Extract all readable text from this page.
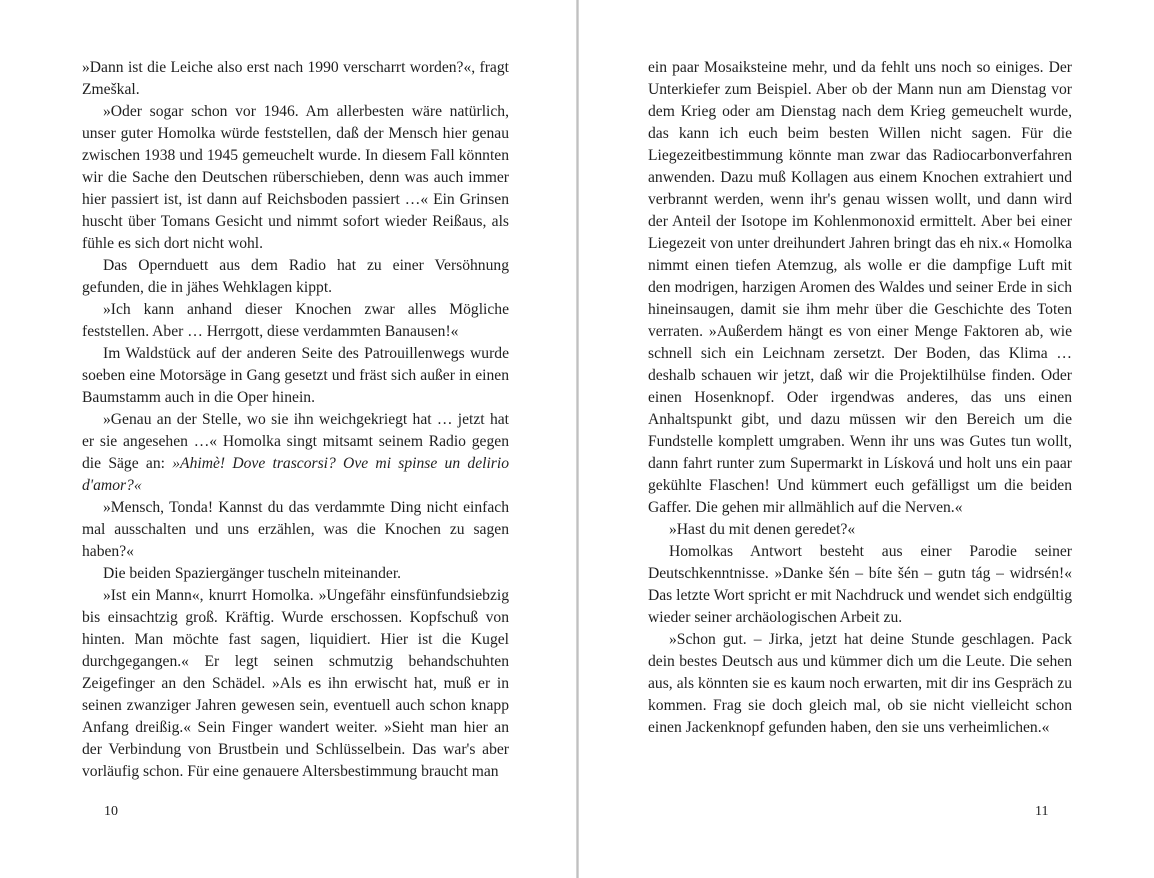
»Dann ist die Leiche also erst nach 1990 verscharrt worden?«, fragt Zmeškal.

»Oder sogar schon vor 1946. Am allerbesten wäre natürlich, unser guter Homolka würde feststellen, daß der Mensch hier genau zwischen 1938 und 1945 gemeuchelt wurde. In diesem Fall könnten wir die Sache den Deutschen rüberschieben, denn was auch immer hier passiert ist, ist dann auf Reichsboden passiert …« Ein Grinsen huscht über Tomans Gesicht und nimmt sofort wieder Reißaus, als fühle es sich dort nicht wohl.

Das Opernduett aus dem Radio hat zu einer Versöhnung gefunden, die in jähes Wehklagen kippt.

»Ich kann anhand dieser Knochen zwar alles Mögliche feststellen. Aber … Herrgott, diese verdammten Banausen!«

Im Waldstück auf der anderen Seite des Patrouillenwegs wurde soeben eine Motorsäge in Gang gesetzt und fräst sich außer in einen Baumstamm auch in die Oper hinein.

»Genau an der Stelle, wo sie ihn weichgekriegt hat … jetzt hat er sie angesehen …« Homolka singt mitsamt seinem Radio gegen die Säge an: »Ahimè! Dove trascorsi? Ove mi spinse un delirio d'amor?«

»Mensch, Tonda! Kannst du das verdammte Ding nicht einfach mal ausschalten und uns erzählen, was die Knochen zu sagen haben?«

Die beiden Spaziergänger tuscheln miteinander.

»Ist ein Mann«, knurrt Homolka. »Ungefähr einsfünfundsiebzig bis einsachtzig groß. Kräftig. Wurde erschossen. Kopfschuß von hinten. Man möchte fast sagen, liquidiert. Hier ist die Kugel durchgegangen.« Er legt seinen schmutzig behandschuhten Zeigefinger an den Schädel. »Als es ihn erwischt hat, muß er in seinen zwanziger Jahren gewesen sein, eventuell auch schon knapp Anfang dreißig.« Sein Finger wandert weiter. »Sieht man hier an der Verbindung von Brustbein und Schlüsselbein. Das war's aber vorläufig schon. Für eine genauere Altersbestimmung braucht man

10

ein paar Mosaiksteine mehr, und da fehlt uns noch so einiges. Der Unterkiefer zum Beispiel. Aber ob der Mann nun am Dienstag vor dem Krieg oder am Dienstag nach dem Krieg gemeuchelt wurde, das kann ich euch beim besten Willen nicht sagen. Für die Liegezeitbestimmung könnte man zwar das Radiocarbonverfahren anwenden. Dazu muß Kollagen aus einem Knochen extrahiert und verbrannt werden, wenn ihr's genau wissen wollt, und dann wird der Anteil der Isotope im Kohlenmonoxid ermittelt. Aber bei einer Liegezeit von unter dreihundert Jahren bringt das eh nix.« Homolka nimmt einen tiefen Atemzug, als wolle er die dampfige Luft mit den modrigen, harzigen Aromen des Waldes und seiner Erde in sich hineinsaugen, damit sie ihm mehr über die Geschichte des Toten verraten. »Außerdem hängt es von einer Menge Faktoren ab, wie schnell sich ein Leichnam zersetzt. Der Boden, das Klima … deshalb schauen wir jetzt, daß wir die Projektilhülse finden. Oder einen Hosenknopf. Oder irgendwas anderes, das uns einen Anhaltspunkt gibt, und dazu müssen wir den Bereich um die Fundstelle komplett umgraben. Wenn ihr uns was Gutes tun wollt, dann fahrt runter zum Supermarkt in Lísková und holt uns ein paar gekühlte Flaschen! Und kümmert euch gefälligst um die beiden Gaffer. Die gehen mir allmählich auf die Nerven.«

»Hast du mit denen geredet?«

Homolkas Antwort besteht aus einer Parodie seiner Deutschkenntnisse. »Danke šén – bíte šén – gutn tág – widrsén!« Das letzte Wort spricht er mit Nachdruck und wendet sich endgültig wieder seiner archäologischen Arbeit zu.

»Schon gut. – Jirka, jetzt hat deine Stunde geschlagen. Pack dein bestes Deutsch aus und kümmer dich um die Leute. Die sehen aus, als könnten sie es kaum noch erwarten, mit dir ins Gespräch zu kommen. Frag sie doch gleich mal, ob sie nicht vielleicht schon einen Jackenknopf gefunden haben, den sie uns verheimlichen.«

11
